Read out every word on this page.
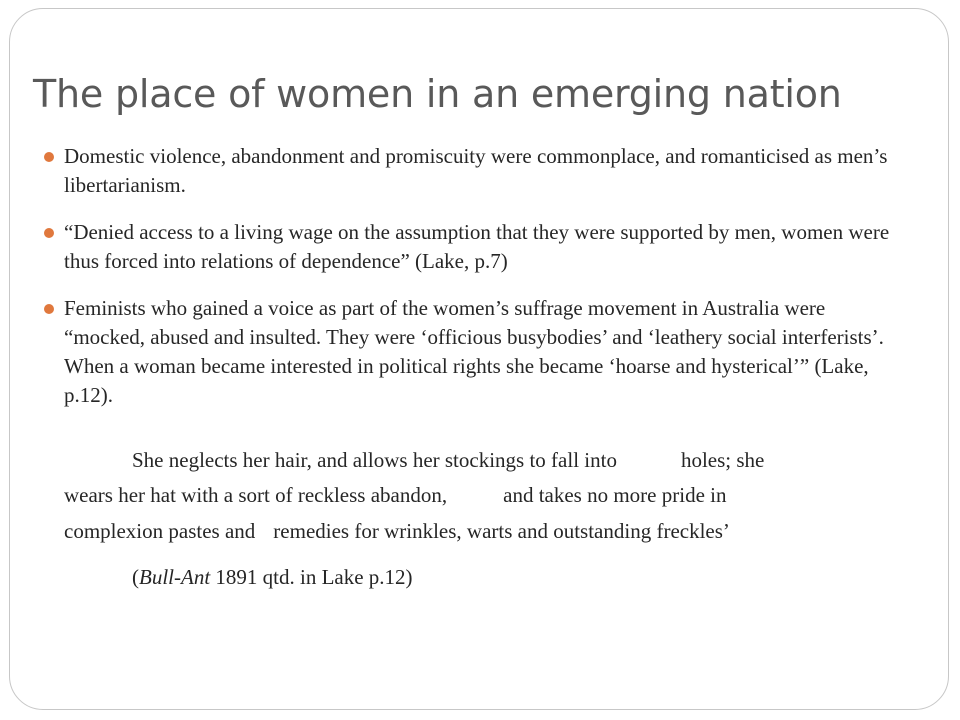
The place of women in an emerging nation

Domestic violence, abandonment and promiscuity were commonplace, and romanticised as men’s libertarianism.

“Denied access to a living wage on the assumption that they were supported by men, women were thus forced into relations of dependence” (Lake, p.7)

Feminists who gained a voice as part of the women’s suffrage movement in Australia were “mocked, abused and insulted. They were ‘officious busybodies’ and ‘leathery social interferists’. When a woman became interested in political rights she became ‘hoarse and hysterical’” (Lake, p.12).

She neglects her hair, and allows her stockings to fall into	holes; she

wears her hat with a sort of reckless abandon,	and takes no more pride in

complexion pastes and remedies for wrinkles, warts and outstanding freckles’

(Bull-Ant 1891 qtd. in Lake p.12)
